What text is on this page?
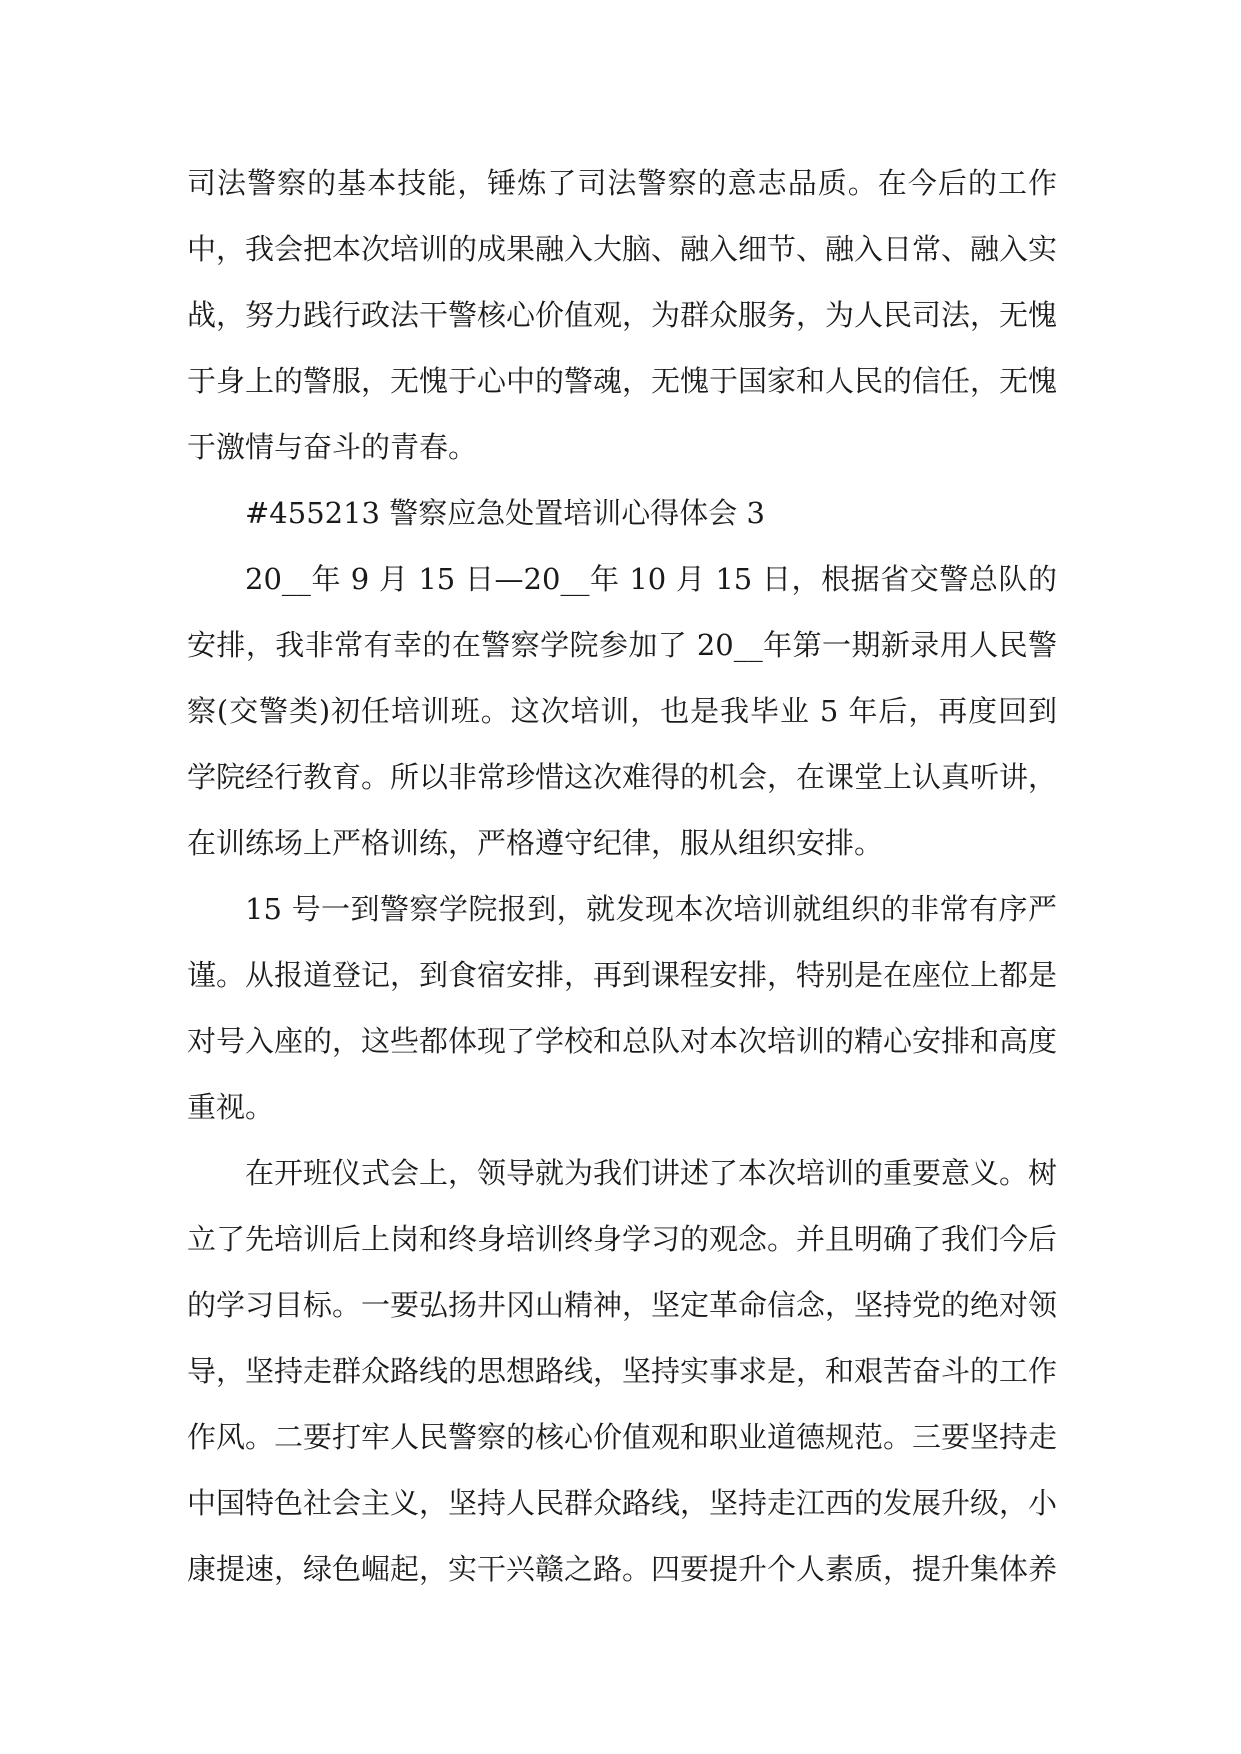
司法警察的基本技能，锤炼了司法警察的意志品质。在今后的工作中，我会把本次培训的成果融入大脑、融入细节、融入日常、融入实战，努力践行政法干警核心价值观，为群众服务，为人民司法，无愧于身上的警服，无愧于心中的警魂，无愧于国家和人民的信任，无愧于激情与奋斗的青春。

#455213 警察应急处置培训心得体会 3

20__年 9 月 15 日—20__年 10 月 15 日，根据省交警总队的安排，我非常有幸的在警察学院参加了 20__年第一期新录用人民警察(交警类)初任培训班。这次培训，也是我毕业 5 年后，再度回到学院经行教育。所以非常珍惜这次难得的机会，在课堂上认真听讲，在训练场上严格训练，严格遵守纪律，服从组织安排。

15 号一到警察学院报到，就发现本次培训就组织的非常有序严谨。从报道登记，到食宿安排，再到课程安排，特别是在座位上都是对号入座的，这些都体现了学校和总队对本次培训的精心安排和高度重视。

在开班仪式会上，领导就为我们讲述了本次培训的重要意义。树立了先培训后上岗和终身培训终身学习的观念。并且明确了我们今后的学习目标。一要弘扬井冈山精神，坚定革命信念，坚持党的绝对领导，坚持走群众路线的思想路线，坚持实事求是，和艰苦奋斗的工作作风。二要打牢人民警察的核心价值观和职业道德规范。三要坚持走中国特色社会主义，坚持人民群众路线，坚持走江西的发展升级，小康提速，绿色崛起，实干兴赣之路。四要提升个人素质，提升集体养
